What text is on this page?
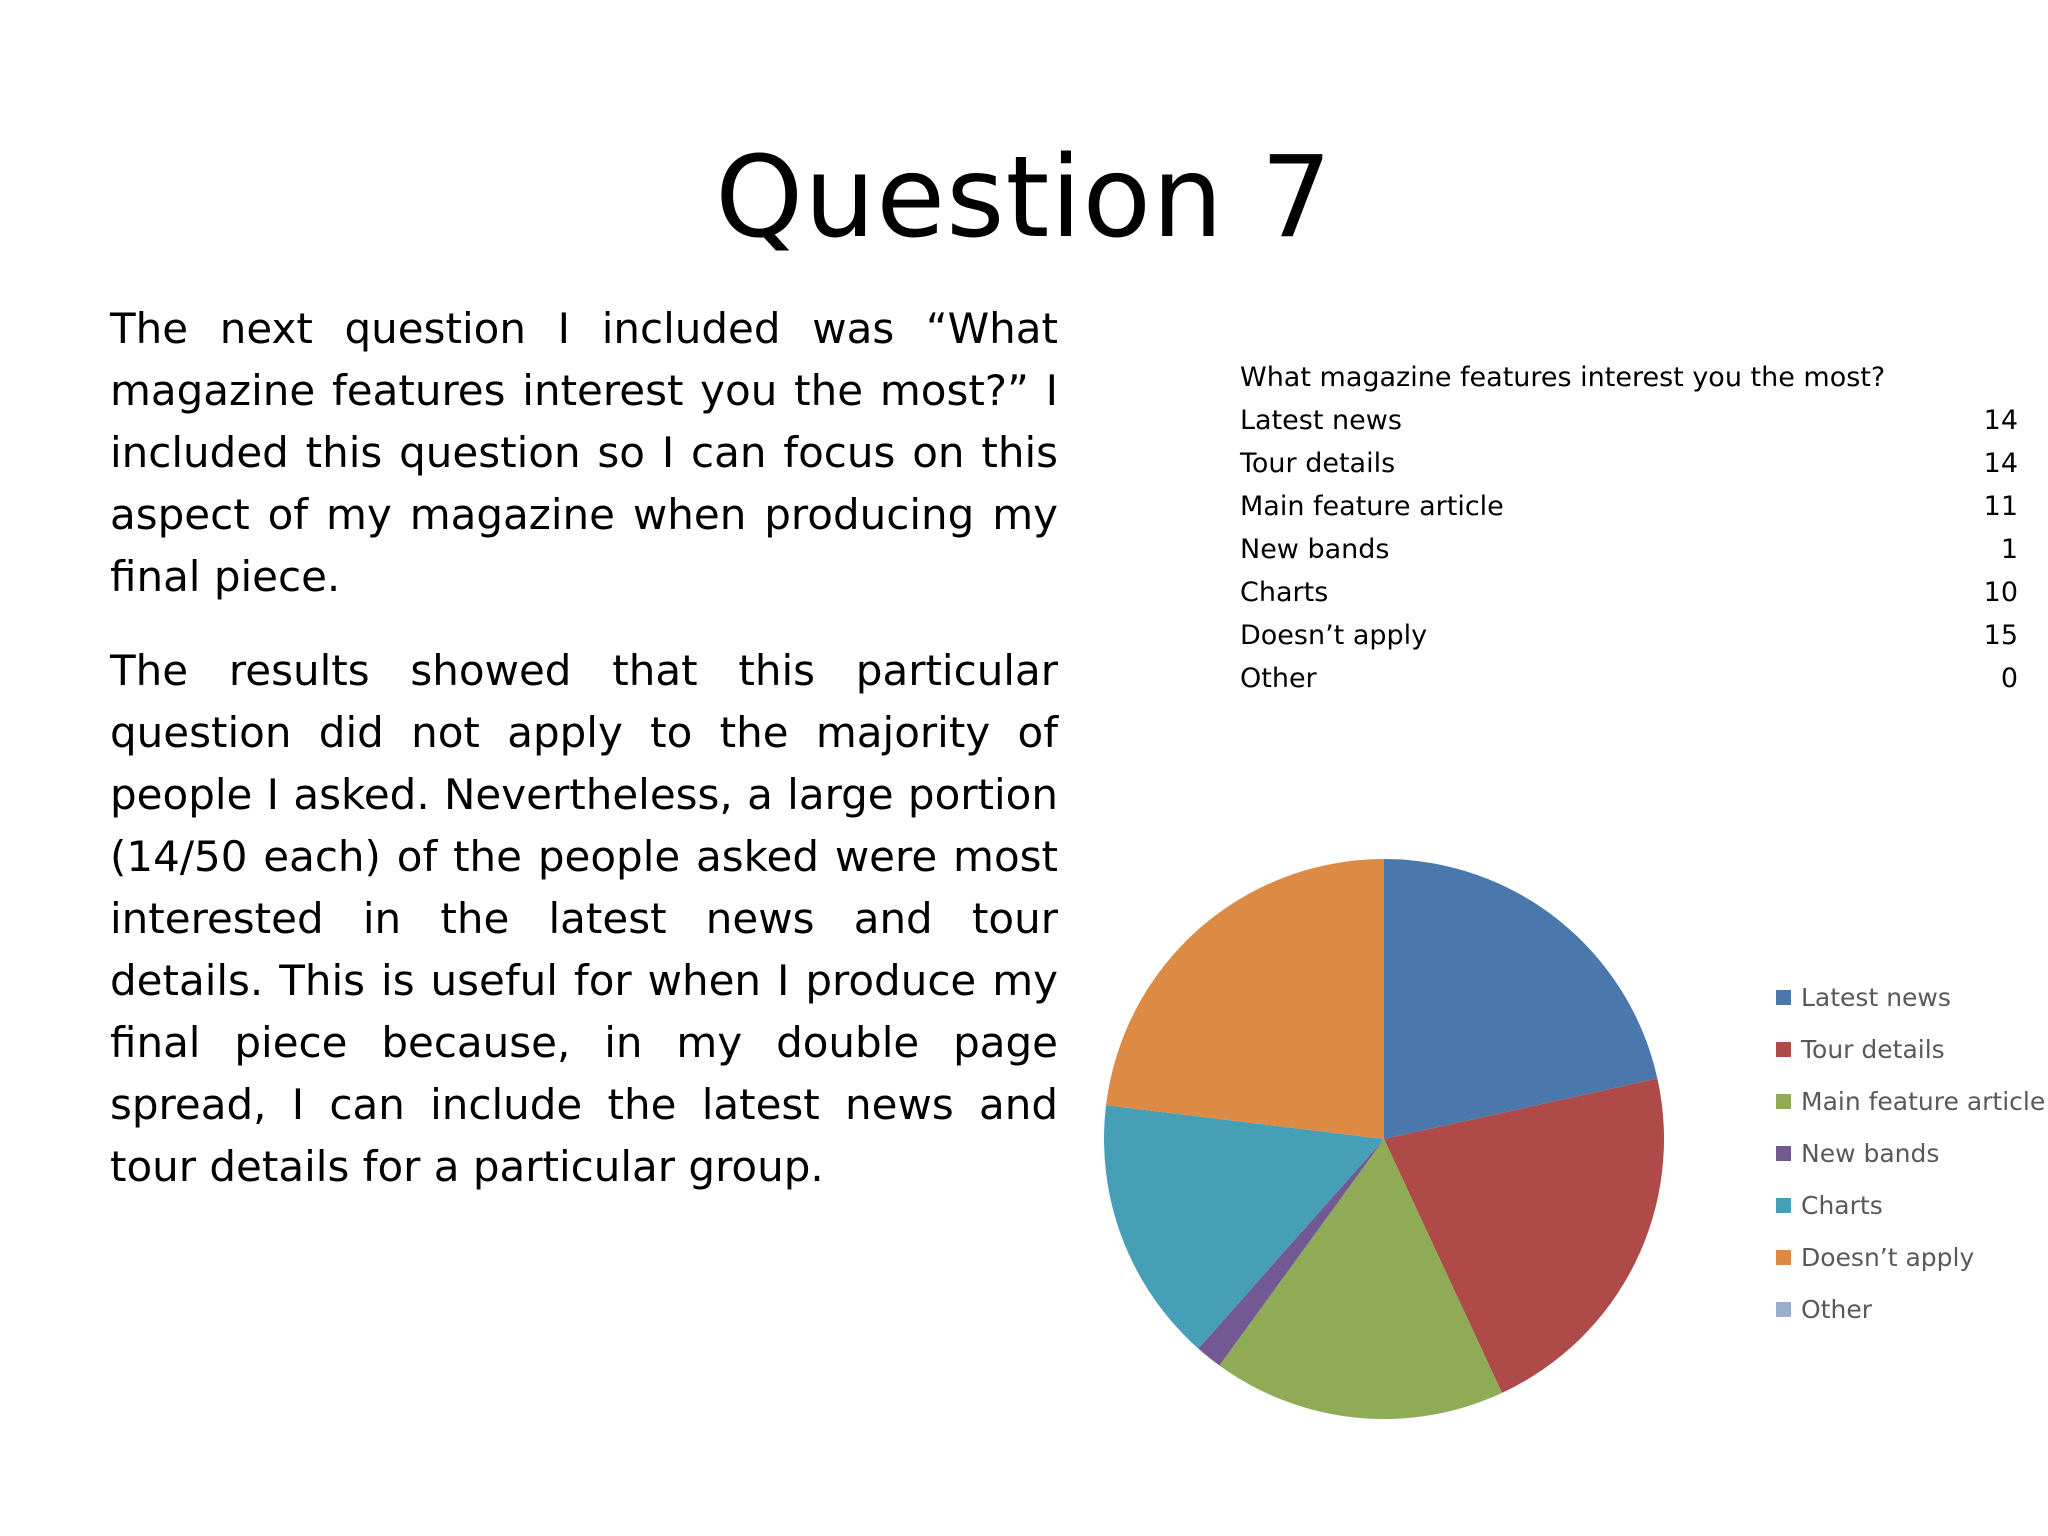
Question 7

The next question I included was “What magazine features interest you the most?” I included this question so I can focus on this aspect of my magazine when producing my final piece.

The results showed that this particular question did not apply to the majority of people I asked. Nevertheless, a large portion (14/50 each) of the people asked were most interested in the latest news and tour details. This is useful for when I produce my final piece because, in my double page spread, I can include the latest news and tour details for a particular group.

What magazine features interest you the most?
Latest news	14
Tour details	14
Main feature article	11
New bands	1
Charts	10
Doesn’t apply	15
Other	0
Latest news
Tour details
Main feature article
New bands
Charts
Doesn’t apply
Other
